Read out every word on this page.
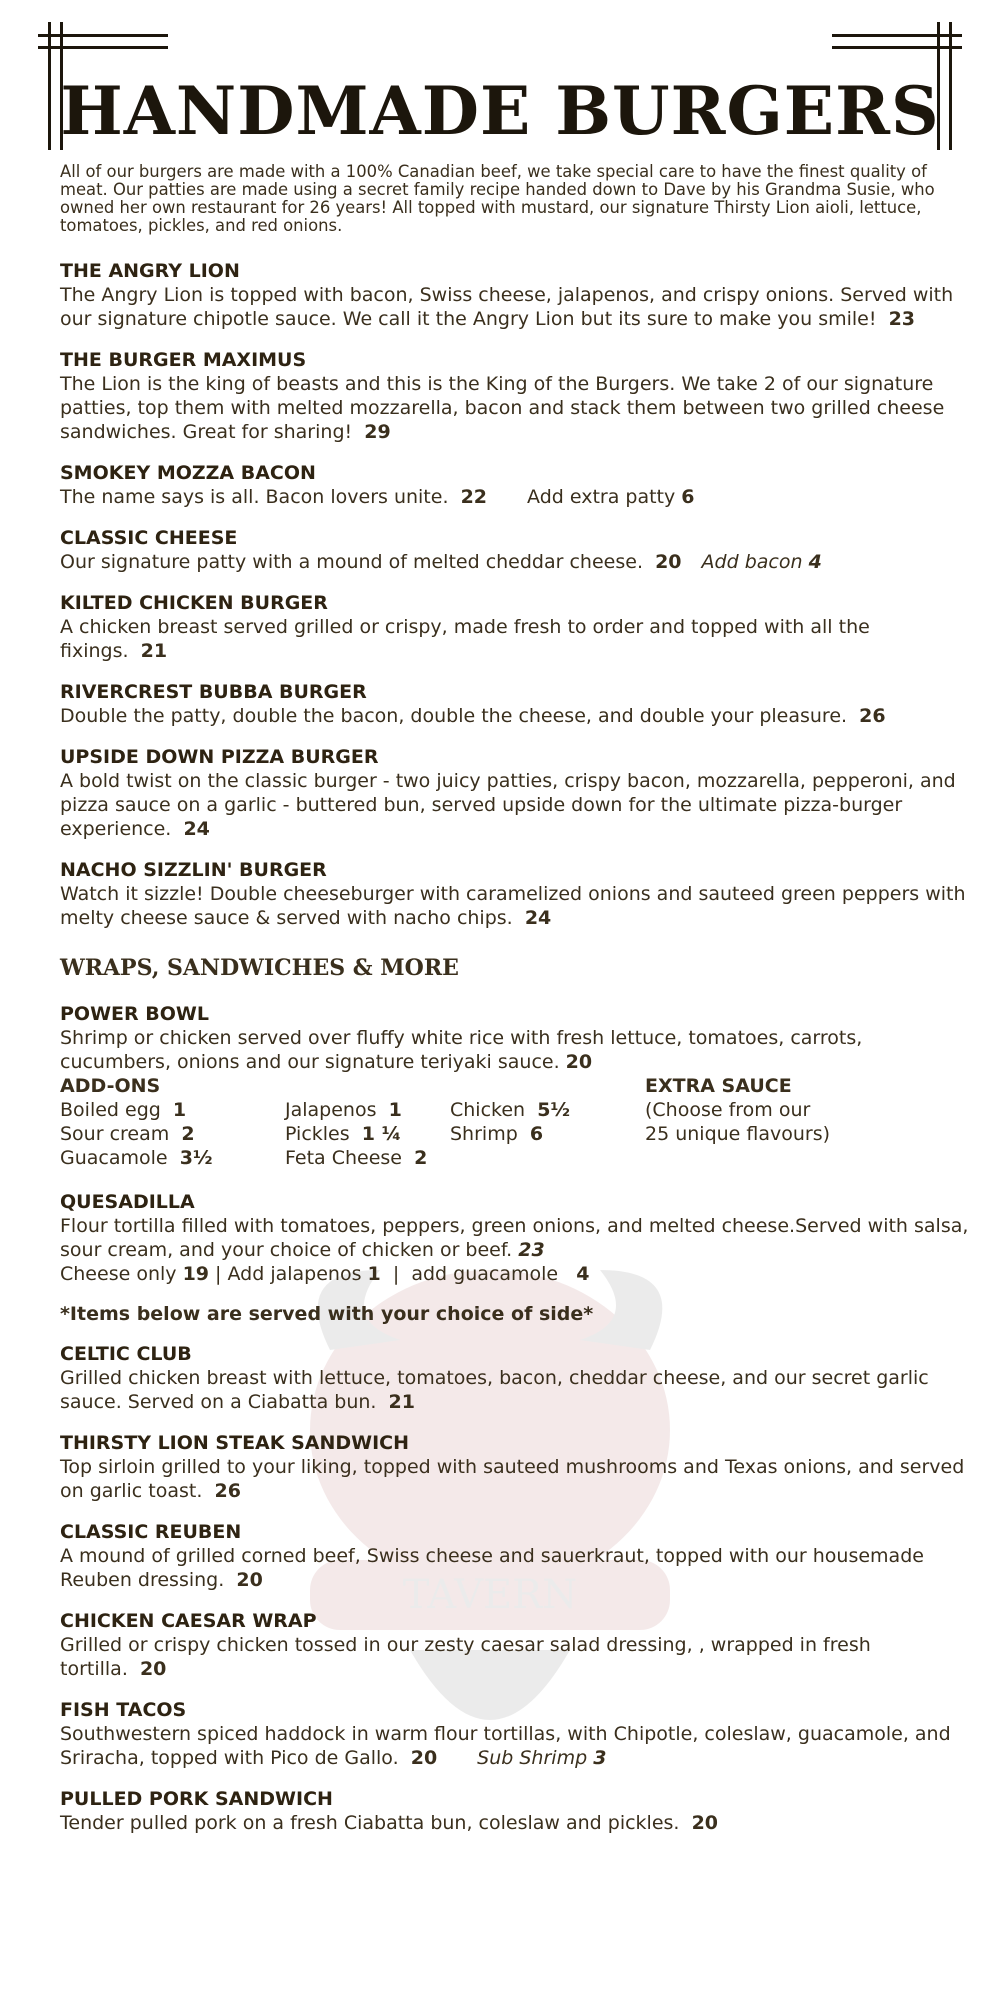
TAVERN
HANDMADE BURGERS

All of our burgers are made with a 100% Canadian beef, we take special care to have the finest quality of meat. Our patties are made using a secret family recipe handed down to Dave by his Grandma Susie, who owned her own restaurant for 26 years! All topped with mustard, our signature Thirsty Lion aioli, lettuce, tomatoes, pickles, and red onions.

THE ANGRY LION
The Angry Lion is topped with bacon, Swiss cheese, jalapenos, and crispy onions. Served with our signature chipotle sauce. We call it the Angry Lion but its sure to make you smile! 23
THE BURGER MAXIMUS
The Lion is the king of beasts and this is the King of the Burgers. We take 2 of our signature patties, top them with melted mozzarella, bacon and stack them between two grilled cheese sandwiches. Great for sharing! 29
SMOKEY MOZZA BACON
The name says is all. Bacon lovers unite. 22 Add extra patty 6
CLASSIC CHEESE
Our signature patty with a mound of melted cheddar cheese. 20 Add bacon 4
KILTED CHICKEN BURGER
A chicken breast served grilled or crispy, made fresh to order and topped with all the fixings. 21
RIVERCREST BUBBA BURGER
Double the patty, double the bacon, double the cheese, and double your pleasure. 26
UPSIDE DOWN PIZZA BURGER
A bold twist on the classic burger - two juicy patties, crispy bacon, mozzarella, pepperoni, and pizza sauce on a garlic - buttered bun, served upside down for the ultimate pizza-burger experience. 24
NACHO SIZZLIN' BURGER
Watch it sizzle! Double cheeseburger with caramelized onions and sauteed green peppers with melty cheese sauce & served with nacho chips. 24
WRAPS, SANDWICHES & MORE
POWER BOWL
Shrimp or chicken served over fluffy white rice with fresh lettuce, tomatoes, carrots, cucumbers, onions and our signature teriyaki sauce. 20
ADD-ONS	EXTRA SAUCE
Boiled egg 1	Jalapenos 1	Chicken 5½	(Choose from our
Sour cream 2	Pickles 1 ¼	Shrimp 6	25 unique flavours)
Guacamole 3½	Feta Cheese 2

QUESADILLA
Flour tortilla filled with tomatoes, peppers, green onions, and melted cheese.Served with salsa, sour cream, and your choice of chicken or beef. 23
Cheese only 19 | Add jalapenos 1  |  add guacamole 4
*Items below are served with your choice of side*
CELTIC CLUB
Grilled chicken breast with lettuce, tomatoes, bacon, cheddar cheese, and our secret garlic sauce. Served on a Ciabatta bun. 21
THIRSTY LION STEAK SANDWICH
Top sirloin grilled to your liking, topped with sauteed mushrooms and Texas onions, and served on garlic toast. 26
CLASSIC REUBEN
A mound of grilled corned beef, Swiss cheese and sauerkraut, topped with our housemade Reuben dressing. 20
CHICKEN CAESAR WRAP
Grilled or crispy chicken tossed in our zesty caesar salad dressing, , wrapped in fresh tortilla. 20
FISH TACOS
Southwestern spiced haddock in warm flour tortillas, with Chipotle, coleslaw, guacamole, and Sriracha, topped with Pico de Gallo. 20 Sub Shrimp 3
PULLED PORK SANDWICH
Tender pulled pork on a fresh Ciabatta bun, coleslaw and pickles. 20
